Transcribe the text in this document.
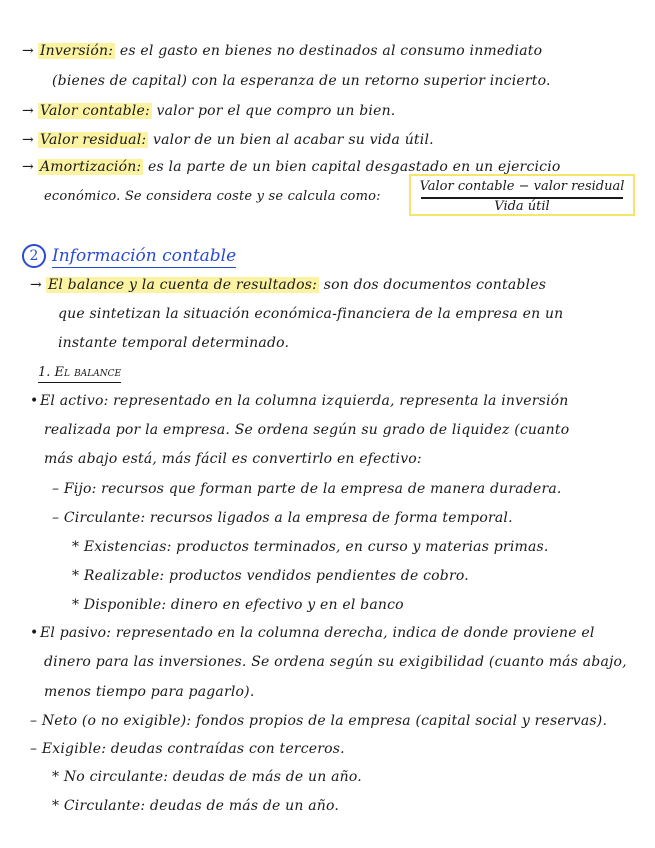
→ Inversión: es el gasto en bienes no destinados al consumo inmediato
(bienes de capital) con la esperanza de un retorno superior incierto.
→ Valor contable: valor por el que compro un bien.
→ Valor residual: valor de un bien al acabar su vida útil.
→ Amortización: es la parte de un bien capital desgastado en un ejercicio
económico. Se considera coste y se calcula como:
Valor contable − valor residual
Vida útil
2 Información contable
→ El balance y la cuenta de resultados: son dos documentos contables
que sintetizan la situación económica-financiera de la empresa en un
instante temporal determinado.
1. El balance
• El activo: representado en la columna izquierda, representa la inversión
realizada por la empresa. Se ordena según su grado de liquidez (cuanto
más abajo está, más fácil es convertirlo en efectivo:
– Fijo: recursos que forman parte de la empresa de manera duradera.
– Circulante: recursos ligados a la empresa de forma temporal.
* Existencias: productos terminados, en curso y materias primas.
* Realizable: productos vendidos pendientes de cobro.
* Disponible: dinero en efectivo y en el banco
• El pasivo: representado en la columna derecha, indica de donde proviene el
dinero para las inversiones. Se ordena según su exigibilidad (cuanto más abajo,
menos tiempo para pagarlo).
– Neto (o no exigible): fondos propios de la empresa (capital social y reservas).
– Exigible: deudas contraídas con terceros.
* No circulante: deudas de más de un año.
* Circulante: deudas de más de un año.
